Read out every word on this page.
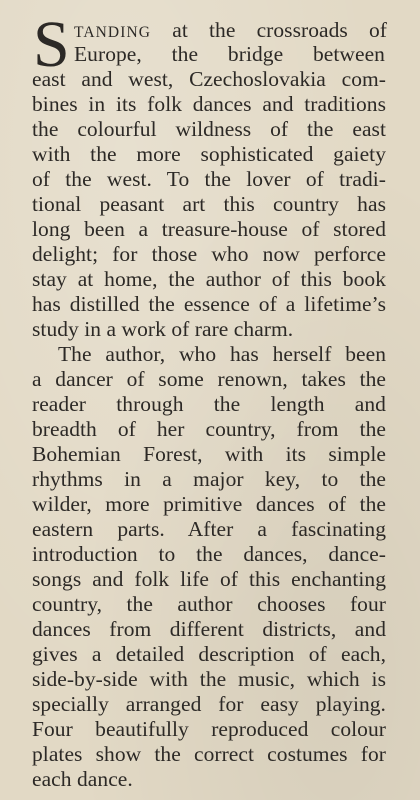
S TANDING at the crossroads of
Europe, the bridge between
east and west, Czechoslovakia com-
bines in its folk dances and traditions
the colourful wildness of the east
with the more sophisticated gaiety
of the west. To the lover of tradi-
tional peasant art this country has
long been a treasure-house of stored
delight; for those who now perforce
stay at home, the author of this book
has distilled the essence of a lifetime’s
study in a work of rare charm.
The author, who has herself been
a dancer of some renown, takes the
reader through the length and
breadth of her country, from the
Bohemian Forest, with its simple
rhythms in a major key, to the
wilder, more primitive dances of the
eastern parts. After a fascinating
introduction to the dances, dance-
songs and folk life of this enchanting
country, the author chooses four
dances from different districts, and
gives a detailed description of each,
side-by-side with the music, which is
specially arranged for easy playing.
Four beautifully reproduced colour
plates show the correct costumes for
each dance.
